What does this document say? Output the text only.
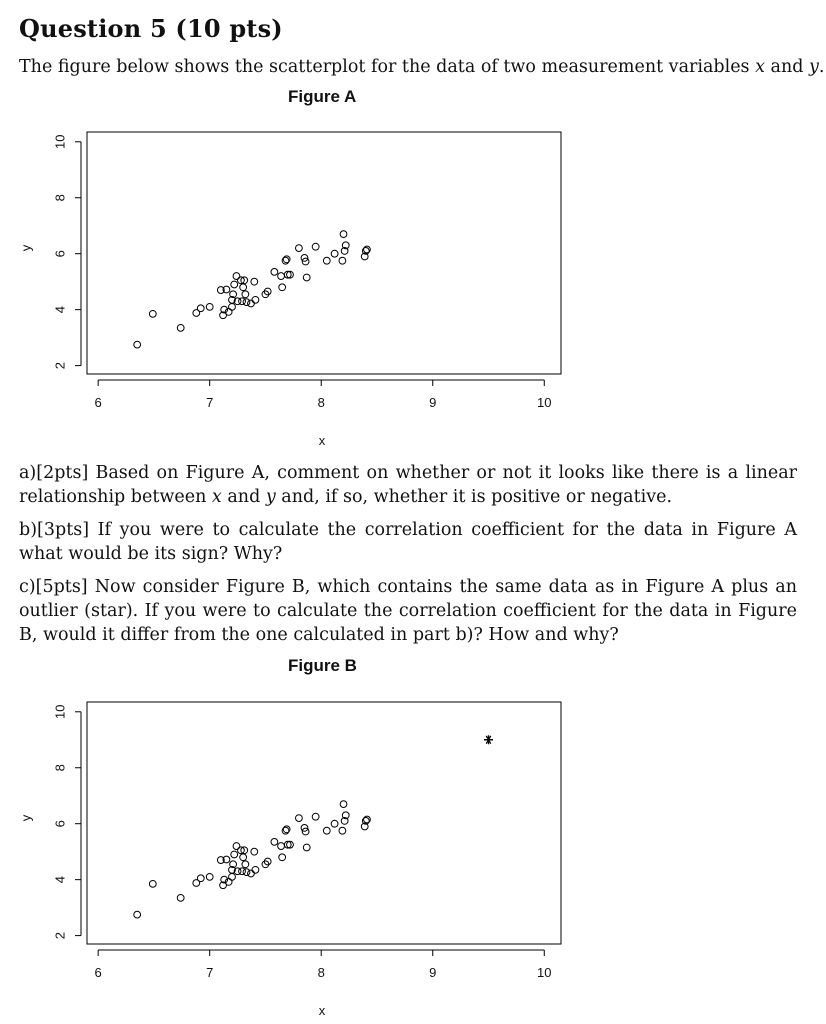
Question 5 (10 pts)
The figure below shows the scatterplot for the data of two measurement variables x and y.
Figure A
6	7	8	9	10
x
2
4
6
8
10
y
a)[2pts] Based on Figure A, comment on whether or not it looks like there is a linear relationship between x and y and, if so, whether it is positive or negative.
b)[3pts] If you were to calculate the correlation coefficient for the data in Figure A what would be its sign? Why?
c)[5pts] Now consider Figure B, which contains the same data as in Figure A plus an outlier (star). If you were to calculate the correlation coefficient for the data in Figure B, would it differ from the one calculated in part b)? How and why?
Figure B
6	7	8	9	10
x
2
4
6
8
10
y
